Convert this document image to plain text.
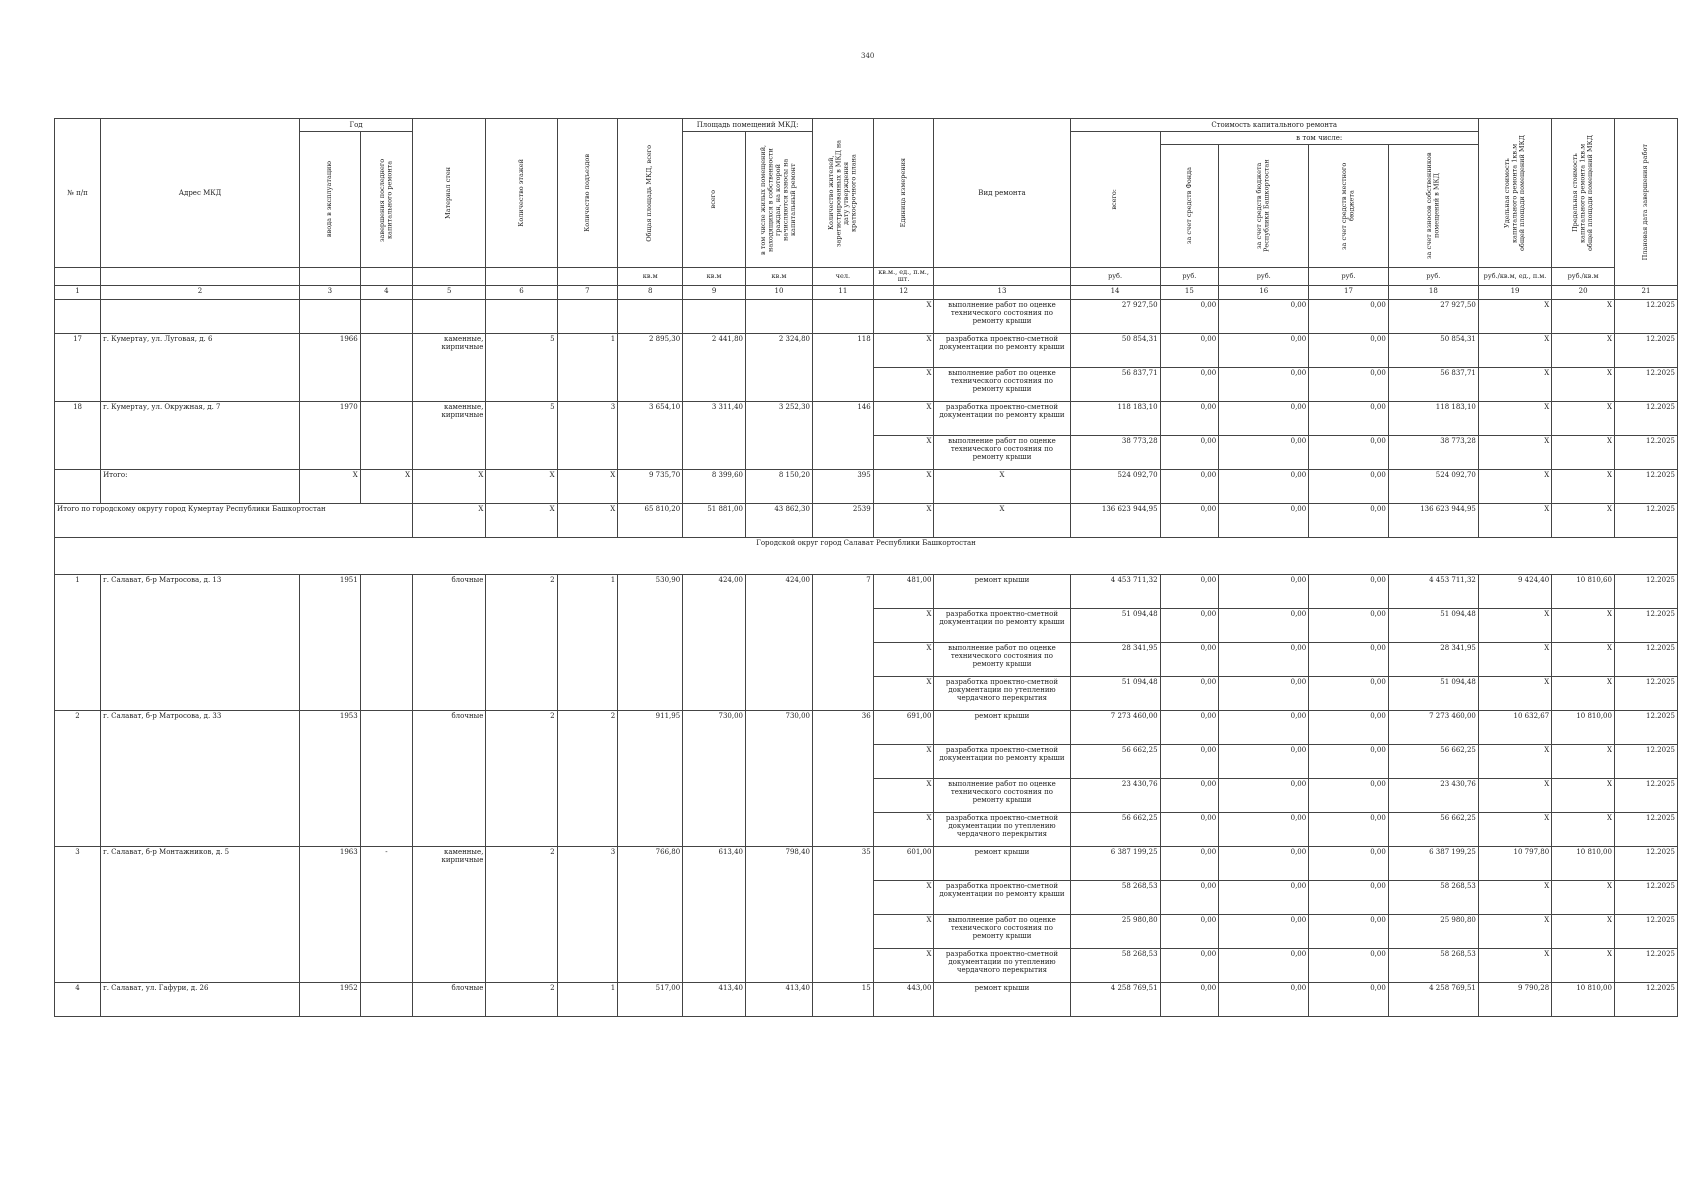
340
№ п/п	Адрес МКД	Год		Материал стен	Количество этажей	Количество подъездов	Общая площадь МКД, всего	Площадь помещений МКД:		Количество жителей, зарегистрированных в МКД на дату утверждения краткосрочного плана	Единица измерения	Вид ремонта	Стоимость капитального ремонта					Удельная стоимость капитального ремонта 1кв.м общей площади помещений МКД	Предельная стоимость капитального ремонта 1кв.м общей площади помещений МКД	Плановая дата завершения работ

		ввода в эксплуатацию	завершения последнего капитального ремонта					всего	в том числе жилых помещений, находящихся в собственности граждан, на которой начисляются взносы на капитальный ремонт				всего:	в том числе:						

														за счет средств Фонда	за счет средств бюджета Республики Башкортостан	за счет средств местного бюджета	за счет взносов собственников помещений в МКД			

							кв.м	кв.м	кв.м	чел.	кв.м., ед., п.м., шт.		руб.	руб.	руб.	руб.	руб.	руб./кв.м, ед., п.м.	руб./кв.м	
1	2	3	4	5	6	7	8	9	10	11	12	13	14	15	16	17	18	19	20	21
											X	выполнение работ по оценке технического состояния по ремонту крыши	27 927,50	0,00	0,00	0,00	27 927,50	X	X	12.2025
17	г. Кумертау, ул. Луговая, д. 6	1966		каменные, кирпичные	5	1	2 895,30	2 441,80	2 324,80	118	X	разработка проектно-сметной документации по ремонту крыши	50 854,31	0,00	0,00	0,00	50 854,31	X	X	12.2025
											X	выполнение работ по оценке технического состояния по ремонту крыши	56 837,71	0,00	0,00	0,00	56 837,71	X	X	12.2025
18	г. Кумертау, ул. Окружная, д. 7	1970		каменные, кирпичные	5	3	3 654,10	3 311,40	3 252,30	146	X	разработка проектно-сметной документации по ремонту крыши	118 183,10	0,00	0,00	0,00	118 183,10	X	X	12.2025
											X	выполнение работ по оценке технического состояния по ремонту крыши	38 773,28	0,00	0,00	0,00	38 773,28	X	X	12.2025
	Итого:	X	X	X	X	X	9 735,70	8 399,60	8 150,20	395	X	X	524 092,70	0,00	0,00	0,00	524 092,70	X	X	12.2025
Итого по городскому округу город Кумертау Республики Башкортостан				X	X	X	65 810,20	51 881,00	43 862,30	2539	X	X	136 623 944,95	0,00	0,00	0,00	136 623 944,95	X	X	12.2025
Городской округ город Салават Республики Башкортостан																				
1	г. Салават, б-р Матросова, д. 13	1951		блочные	2	1	530,90	424,00	424,00	7	481,00	ремонт крыши	4 453 711,32	0,00	0,00	0,00	4 453 711,32	9 424,40	10 810,60	12.2025
											X	разработка проектно-сметной документации по ремонту крыши	51 094,48	0,00	0,00	0,00	51 094,48	X	X	12.2025
											X	выполнение работ по оценке технического состояния по ремонту крыши	28 341,95	0,00	0,00	0,00	28 341,95	X	X	12.2025
											X	разработка проектно-сметной документации по утеплению чердачного перекрытия	51 094,48	0,00	0,00	0,00	51 094,48	X	X	12.2025
2	г. Салават, б-р Матросова, д. 33	1953		блочные	2	2	911,95	730,00	730,00	36	691,00	ремонт крыши	7 273 460,00	0,00	0,00	0,00	7 273 460,00	10 632,67	10 810,00	12.2025
											X	разработка проектно-сметной документации по ремонту крыши	56 662,25	0,00	0,00	0,00	56 662,25	X	X	12.2025
											X	выполнение работ по оценке технического состояния по ремонту крыши	23 430,76	0,00	0,00	0,00	23 430,76	X	X	12.2025
											X	разработка проектно-сметной документации по утеплению чердачного перекрытия	56 662,25	0,00	0,00	0,00	56 662,25	X	X	12.2025
3	г. Салават, б-р Монтажников, д. 5	1963	-	каменные, кирпичные	2	3	766,80	613,40	798,40	35	601,00	ремонт крыши	6 387 199,25	0,00	0,00	0,00	6 387 199,25	10 797,80	10 810,00	12.2025
											X	разработка проектно-сметной документации по ремонту крыши	58 268,53	0,00	0,00	0,00	58 268,53	X	X	12.2025
											X	выполнение работ по оценке технического состояния по ремонту крыши	25 980,80	0,00	0,00	0,00	25 980,80	X	X	12.2025
											X	разработка проектно-сметной документации по утеплению чердачного перекрытия	58 268,53	0,00	0,00	0,00	58 268,53	X	X	12.2025
4	г. Салават, ул. Гафури, д. 26	1952		блочные	2	1	517,00	413,40	413,40	15	443,00	ремонт крыши	4 258 769,51	0,00	0,00	0,00	4 258 769,51	9 790,28	10 810,00	12.2025
